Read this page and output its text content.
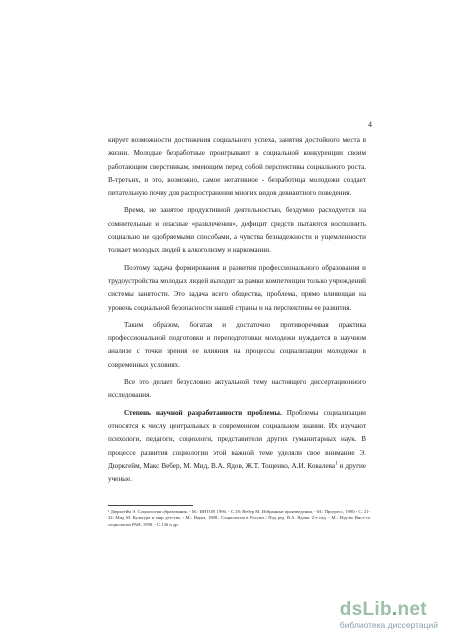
4

кирует возможности достижения социального успеха, занятия достойного места в жизни. Молодые безработные проигрывают в социальной конкуренции своим работающим сверстникам, имеющим перед собой перспективы социального роста. В-третьих, и это, возможно, самое негативное - безработица молодежи создает питательную почву для распространения многих видов девиантного поведения.

Время, не занятое продуктивной деятельностью, бездумно расходуется на сомнительные и опасные «развлечения», дефицит средств пытаются восполнить социально не одобряемыми способами, а чувства безнадежности и ущемленности толкает молодых людей к алкоголизму и наркомании.

Поэтому задача формирования и развития профессионального образования и трудоустройства молодых людей выходит за рамки компетенции только учреждений системы занятости. Это задача всего общества, проблема, прямо влияющая на уровень социальной безопасности нашей страны и на перспективы ее развития.

Таким образом, богатая и достаточно противоречивая практика профессиональной подготовки и переподготовки молодежи нуждается в научном анализе с точки зрения ее влияния на процессы социализации молодежи в современных условиях.

Все это делает безусловно актуальной тему настоящего диссертационного исследования.

Степень научной разработанности проблемы. Проблемы социализации относятся к числу центральных в современном социальном знании. Их изучают психологи, педагоги, социологи, представители других гуманитарных наук. В процессе развития социологии этой важной теме уделяли свое внимание Э. Дюркгейм, Макс Вебер, М. Мид, В.А. Ядов, Ж.Т. Тощенко, А.И. Ковалева$^1$ и другие ученые.

¹ Дюркгейм Э. Социология образования. - М.: ИНТОР, 1996. - С.18; Вебер М. Избранные произведения. - М.: Прогресс, 1990.- С. 21-32; Мид М. Культура и мир детства. - М.: Наука, 1988.; Социология в России / Под ред. В.А. Ядова. 2-е изд. - М.: Изд-во Инст-та социологии РАН, 1998. - С.136 и др.
dsLib.net
библиотека диссертаций
